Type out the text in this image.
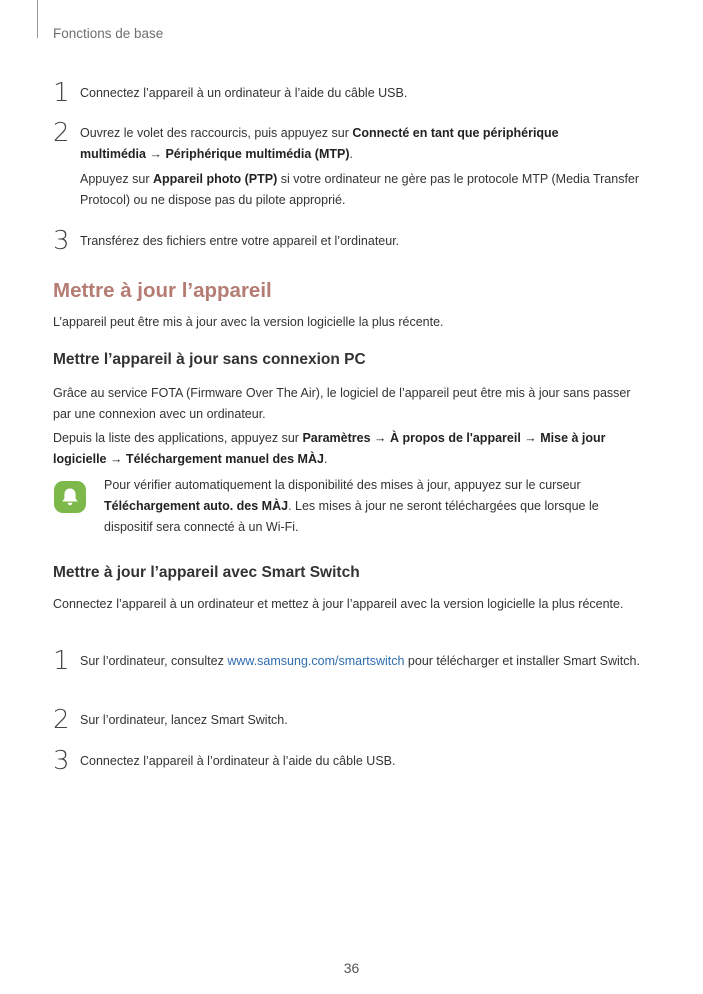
Fonctions de base
1 Connectez l’appareil à un ordinateur à l’aide du câble USB.
2 Ouvrez le volet des raccourcis, puis appuyez sur Connecté en tant que périphérique multimédia → Périphérique multimédia (MTP).
Appuyez sur Appareil photo (PTP) si votre ordinateur ne gère pas le protocole MTP (Media Transfer Protocol) ou ne dispose pas du pilote approprié.
3 Transférez des fichiers entre votre appareil et l’ordinateur.
Mettre à jour l’appareil
L’appareil peut être mis à jour avec la version logicielle la plus récente.
Mettre l’appareil à jour sans connexion PC
Grâce au service FOTA (Firmware Over The Air), le logiciel de l’appareil peut être mis à jour sans passer par une connexion avec un ordinateur.
Depuis la liste des applications, appuyez sur Paramètres → À propos de l'appareil → Mise à jour logicielle → Téléchargement manuel des MÀJ.
Pour vérifier automatiquement la disponibilité des mises à jour, appuyez sur le curseur Téléchargement auto. des MÀJ. Les mises à jour ne seront téléchargées que lorsque le dispositif sera connecté à un Wi-Fi.
Mettre à jour l’appareil avec Smart Switch
Connectez l’appareil à un ordinateur et mettez à jour l’appareil avec la version logicielle la plus récente.
1 Sur l’ordinateur, consultez www.samsung.com/smartswitch pour télécharger et installer Smart Switch.
2 Sur l’ordinateur, lancez Smart Switch.
3 Connectez l’appareil à l’ordinateur à l’aide du câble USB.
36
